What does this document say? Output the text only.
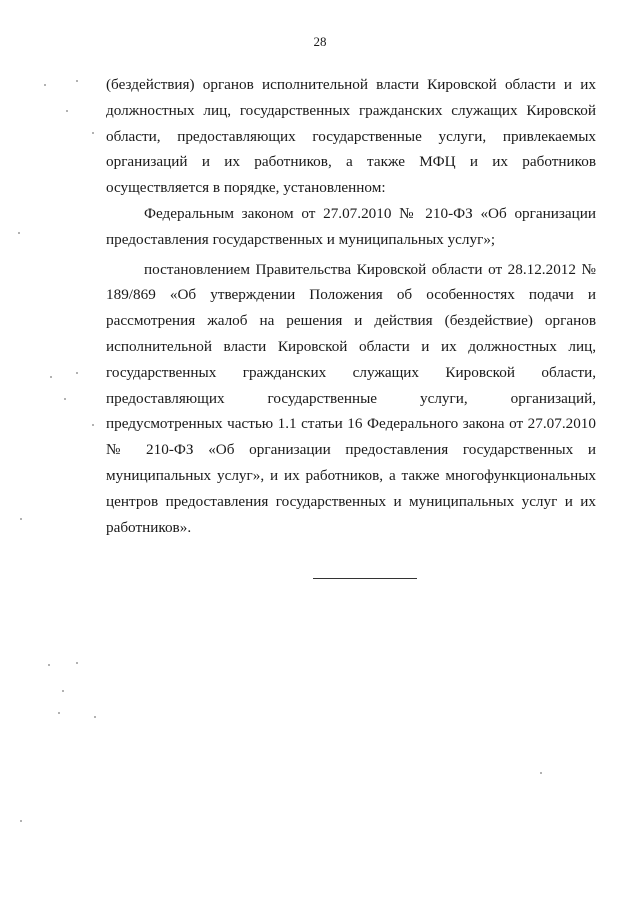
28

(бездействия) органов исполнительной власти Кировской области и их должностных лиц, государственных гражданских служащих Кировской области, предоставляющих государственные услуги, привлекаемых организаций и их работников, а также МФЦ и их работников осуществляется в порядке, установленном:

Федеральным законом от 27.07.2010 № 210-ФЗ «Об организации предоставления государственных и муниципальных услуг»;

постановлением Правительства Кировской области от 28.12.2012 № 189/869 «Об утверждении Положения об особенностях подачи и рассмотрения жалоб на решения и действия (бездействие) органов исполнительной власти Кировской области и их должностных лиц, государственных гражданских служащих Кировской области, предоставляющих государственные услуги, организаций, предусмотренных частью 1.1 статьи 16 Федерального закона от 27.07.2010 № 210-ФЗ «Об организации предоставления государственных и муниципальных услуг», и их работников, а также многофункциональных центров предоставления государственных и муниципальных услуг и их работников».
